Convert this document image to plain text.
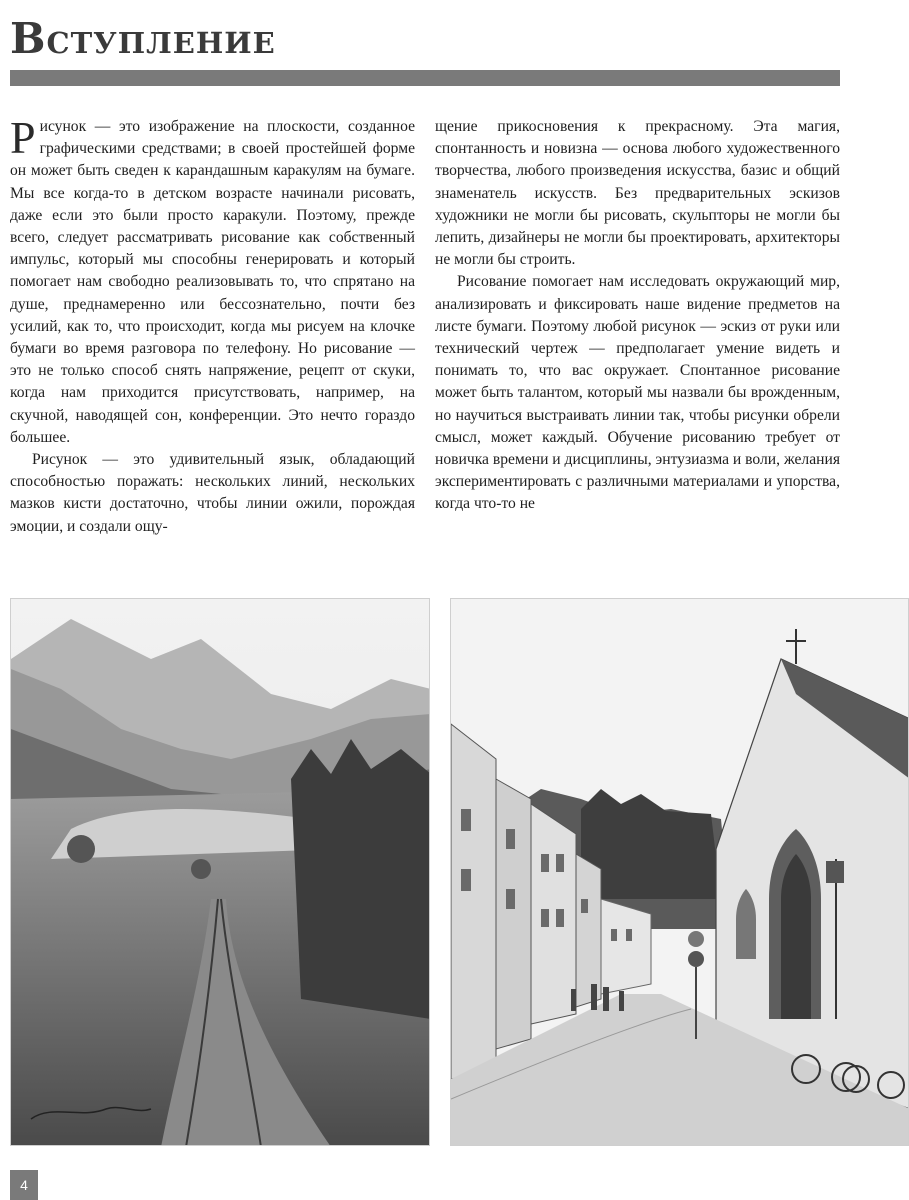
Вступление

Рисунок — это изображение на плоскости, созданное графическими средствами; в своей простейшей форме он может быть сведен к карандашным каракулям на бумаге. Мы все когда-то в детском возрасте начинали рисовать, даже если это были просто каракули. Поэтому, прежде всего, следует рассматривать рисование как собственный импульс, который мы способны генерировать и который помогает нам свободно реализовывать то, что спрятано на душе, преднамеренно или бессознательно, почти без усилий, как то, что происходит, когда мы рисуем на клочке бумаги во время разговора по телефону. Но рисование — это не только способ снять напряжение, рецепт от скуки, когда нам приходится присутствовать, например, на скучной, наводящей сон, конференции. Это нечто гораздо большее.

Рисунок — это удивительный язык, обладающий способностью поражать: нескольких линий, нескольких мазков кисти достаточно, чтобы линии ожили, порождая эмоции, и создали ощу-

щение прикосновения к прекрасному. Эта магия, спонтанность и новизна — основа любого художественного творчества, любого произведения искусства, базис и общий знаменатель искусств. Без предварительных эскизов художники не могли бы рисовать, скульпторы не могли бы лепить, дизайнеры не могли бы проектировать, архитекторы не могли бы строить.

Рисование помогает нам исследовать окружающий мир, анализировать и фиксировать наше видение предметов на листе бумаги. Поэтому любой рисунок — эскиз от руки или технический чертеж — предполагает умение видеть и понимать то, что вас окружает. Спонтанное рисование может быть талантом, который мы назвали бы врожденным, но научиться выстраивать линии так, чтобы рисунки обрели смысл, может каждый. Обучение рисованию требует от новичка времени и дисциплины, энтузиазма и воли, желания экспериментировать с различными материалами и упорства, когда что-то не

4
